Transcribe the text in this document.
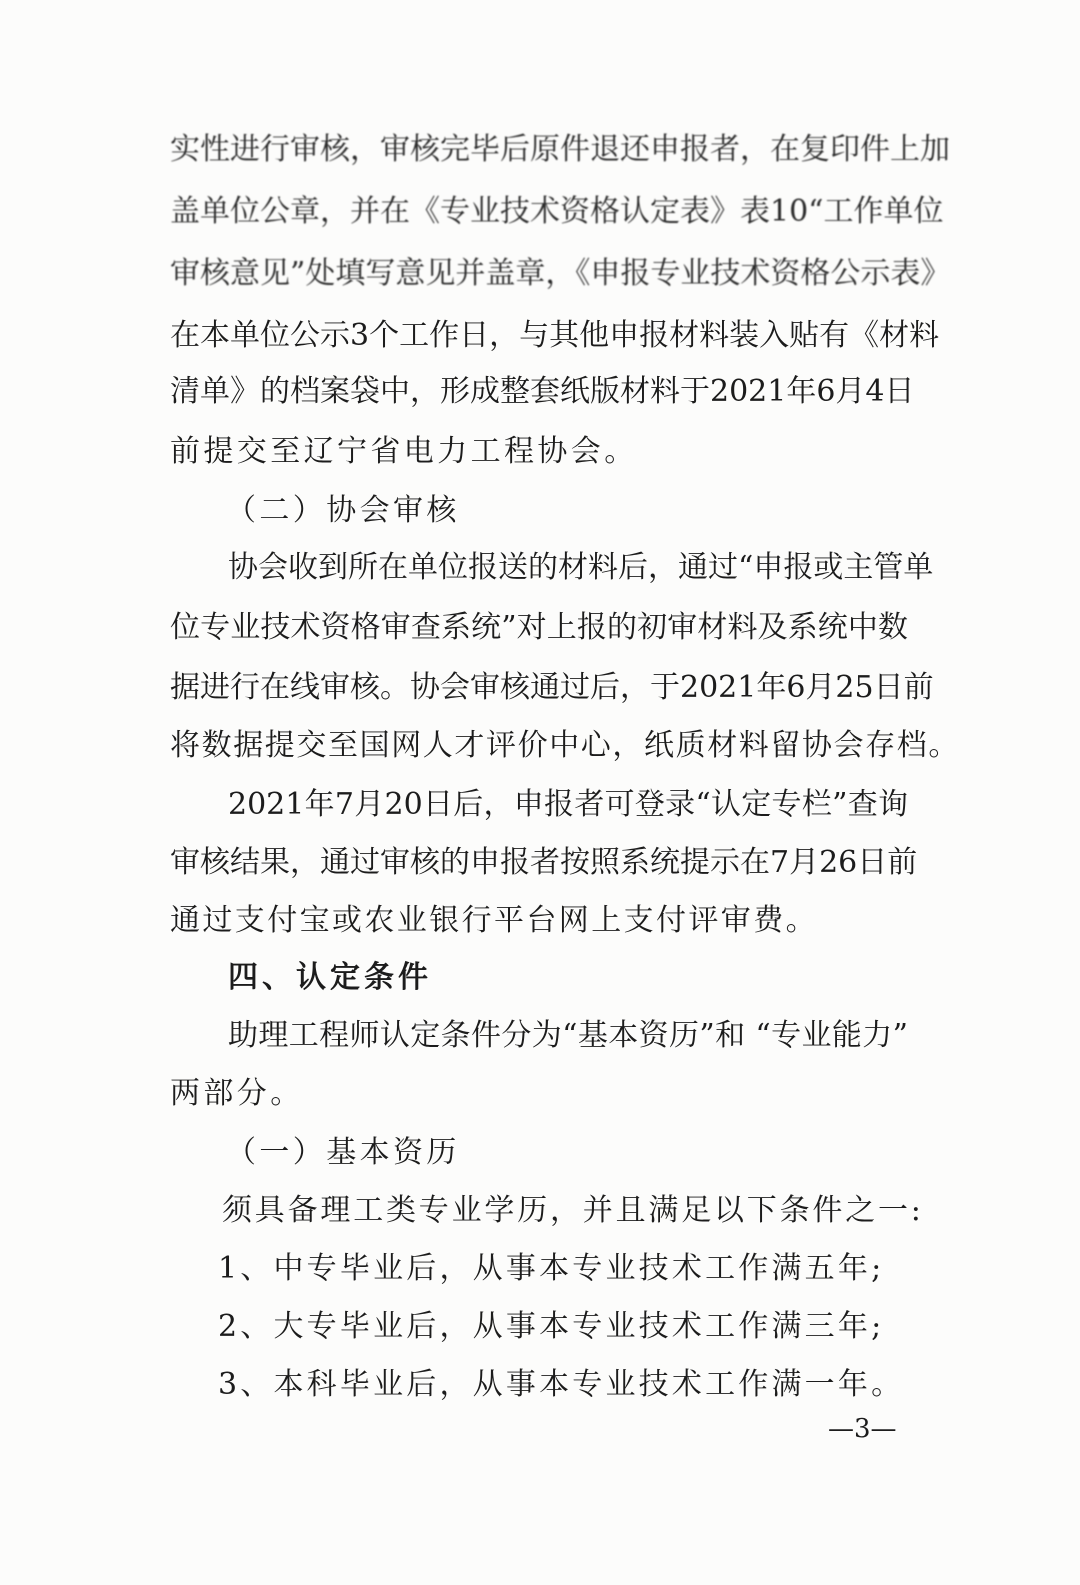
实性进行审核，审核完毕后原件退还申报者，在复印件上加
盖单位公章，并在《专业技术资格认定表》表10“工作单位
审核意见”处填写意见并盖章，《申报专业技术资格公示表》
在本单位公示3个工作日，与其他申报材料装入贴有《材料
清单》的档案袋中，形成整套纸版材料于2021年6月4日
前提交至辽宁省电力工程协会。
（二）协会审核
协会收到所在单位报送的材料后，通过“申报或主管单
位专业技术资格审查系统”对上报的初审材料及系统中数
据进行在线审核。协会审核通过后，于2021年6月25日前
将数据提交至国网人才评价中心，纸质材料留协会存档。
2021年7月20日后，申报者可登录“认定专栏”查询
审核结果，通过审核的申报者按照系统提示在7月26日前
通过支付宝或农业银行平台网上支付评审费。
四、认定条件
助理工程师认定条件分为“基本资历”和 “专业能力”
两部分。
（一）基本资历
须具备理工类专业学历，并且满足以下条件之一:
1、中专毕业后，从事本专业技术工作满五年;
2、大专毕业后，从事本专业技术工作满三年;
3、本科毕业后，从事本专业技术工作满一年。
—3—
